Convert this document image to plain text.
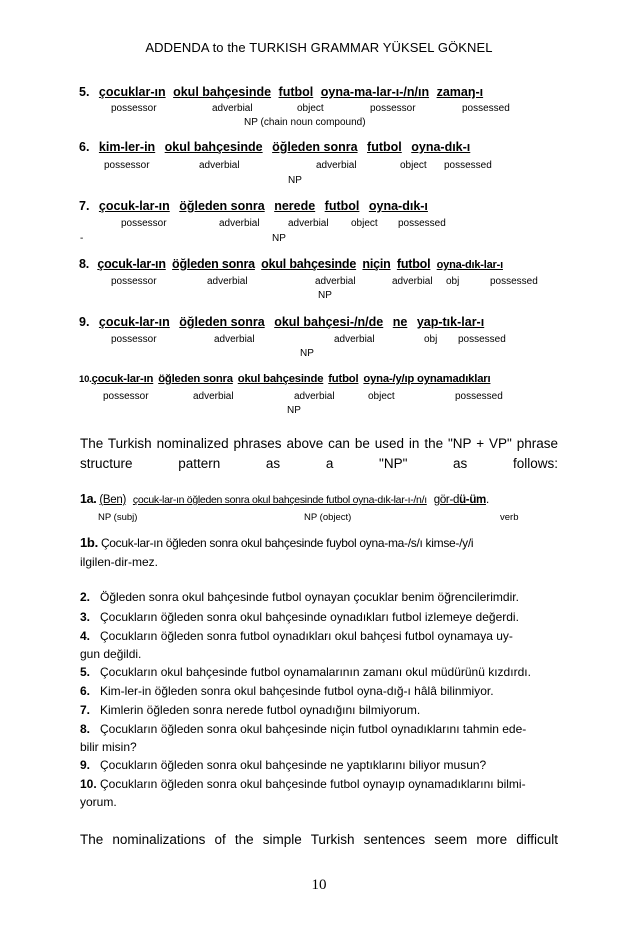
ADDENDA to the TURKISH GRAMMAR YÜKSEL GÖKNEL
5. çocuklar-ın okul bahçesinde futbol oyna-ma-lar-ı-/n/ın zamaŋ-ı
possessor	adverbial	object	possessor	possessed
NP (chain noun compound)
6. kim-ler-in okul bahçesinde öğleden sonra futbol oyna-dık-ı
possessor	adverbial	adverbial	object possessed
NP
7. çocuk-lar-ın öğleden sonra nerede futbol oyna-dık-ı
possessor	adverbial	adverbial object possessed
-	NP
8. çocuk-lar-ın öğleden sonra okul bahçesinde niçin futbol oyna-dık-lar-ı
possessor	adverbial	adverbial	adverbial obj	possessed
NP
9. çocuk-lar-ın öğleden sonra okul bahçesi-/n/de ne yap-tık-lar-ı
possessor	adverbial	adverbial	obj possessed
NP
10.çocuk-lar-ın öğleden sonra okul bahçesinde futbol oyna-/y/ıp oynamadıkları
possessor	adverbial	adverbial	object	possessed
NP
The Turkish nominalized phrases above can be used in the "NP + VP" phrase structure pattern as a "NP" as follows:
1a. (Ben) çocuk-lar-ın öğleden sonra okul bahçesinde futbol oyna-dık-lar-ı-/n/ı gör-dü-üm.
NP (subj)	NP (object)	verb
1b. Çocuk-lar-ın öğleden sonra okul bahçesinde fuybol oyna-ma-/s/ı kimse-/y/i
ilgilen-dir-mez.
2. Öğleden sonra okul bahçesinde futbol oynayan çocuklar benim öğrencilerimdir.
3. Çocukların öğleden sonra okul bahçesinde oynadıkları futbol izlemeye değerdi.
4. Çocukların öğleden sonra futbol oynadıkları okul bahçesi futbol oynamaya uy-
gun değildi.
5. Çocukların okul bahçesinde futbol oynamalarının zamanı okul müdürünü kızdırdı.
6. Kim-ler-in öğleden sonra okul bahçesinde futbol oyna-dığ-ı hâlâ bilinmiyor.
7. Kimlerin öğleden sonra nerede futbol oynadığını bilmiyorum.
8. Çocukların öğleden sonra okul bahçesinde niçin futbol oynadıklarını tahmin ede-
bilir misin?
9. Çocukların öğleden sonra okul bahçesinde ne yaptıklarını biliyor musun?
10. Çocukların öğleden sonra okul bahçesinde futbol oynayıp oynamadıklarını bilmi-
yorum.
The nominalizations of the simple Turkish sentences seem more difficult
10
